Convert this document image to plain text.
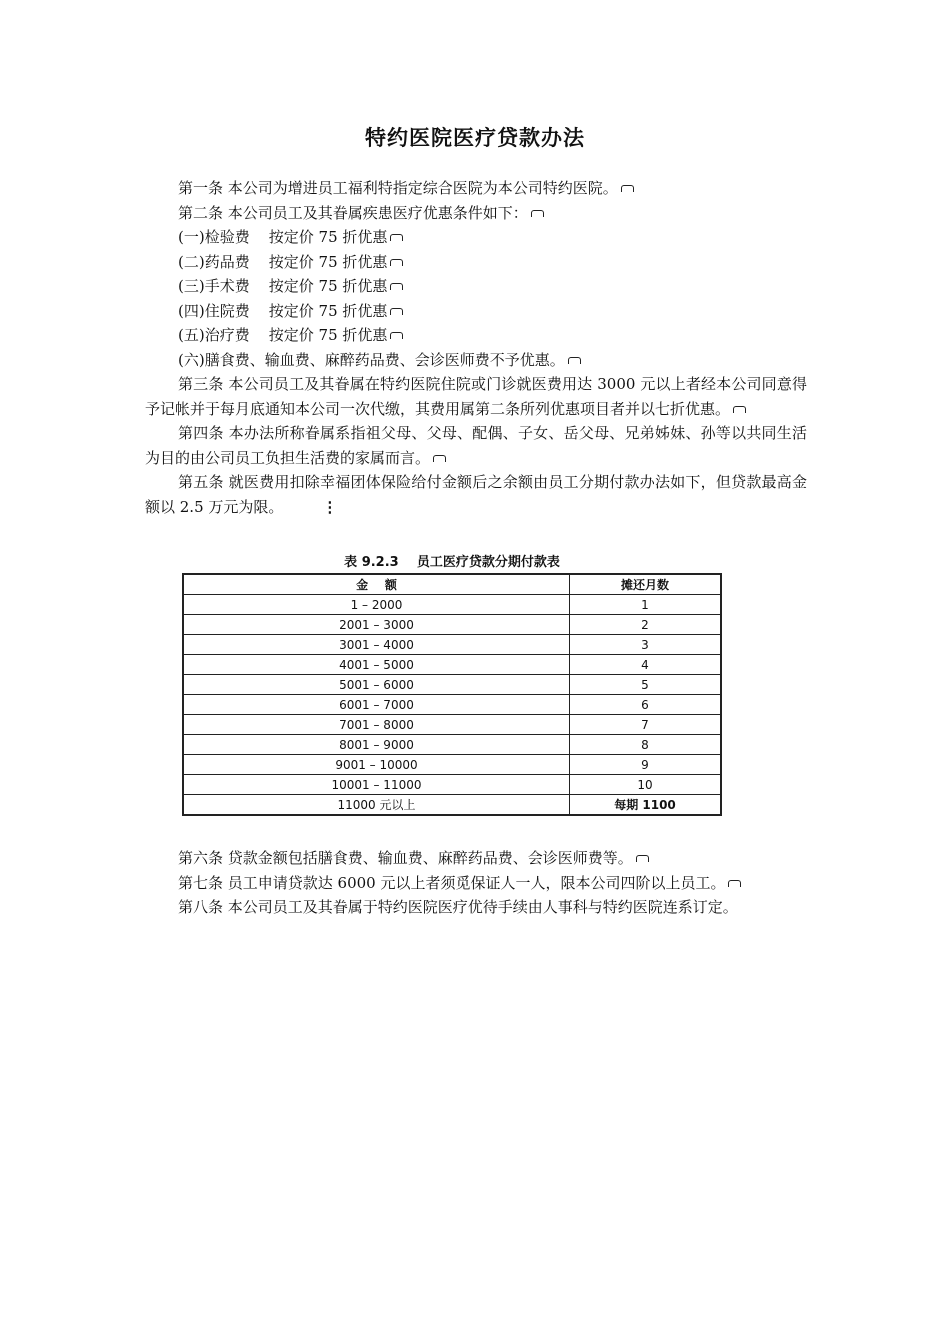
特约医院医疗贷款办法

第一条 本公司为增进员工福利特指定综合医院为本公司特约医院。

第二条 本公司员工及其眷属疾患医疗优惠条件如下：

(一)检验费    按定价 75 折优惠

(二)药品费    按定价 75 折优惠

(三)手术费    按定价 75 折优惠

(四)住院费    按定价 75 折优惠

(五)治疗费    按定价 75 折优惠

(六)膳食费、输血费、麻醉药品费、会诊医师费不予优惠。

第三条 本公司员工及其眷属在特约医院住院或门诊就医费用达 3000 元以上者经本公司同意得予记帐并于每月底通知本公司一次代缴，其费用属第二条所列优惠项目者并以七折优惠。

第四条 本办法所称眷属系指祖父母、父母、配偶、子女、岳父母、兄弟姊妹、孙等以共同生活为目的由公司员工负担生活费的家属而言。

第五条 就医费用扣除幸福团体保险给付金额后之余额由员工分期付款办法如下，但贷款最高金额以 2.5 万元为限。	⋮

表 9.2.3    员工医疗贷款分期付款表
金    额	摊还月数
1 – 2000	1
2001 – 3000	2
3001 – 4000	3
4001 – 5000	4
5001 – 6000	5
6001 – 7000	6
7001 – 8000	7
8001 – 9000	8
9001 – 10000	9
10001 – 11000	10
11000 元以上	每期 1100

第六条 贷款金额包括膳食费、输血费、麻醉药品费、会诊医师费等。

第七条 员工申请贷款达 6000 元以上者须觅保证人一人，限本公司四阶以上员工。

第八条 本公司员工及其眷属于特约医院医疗优待手续由人事科与特约医院连系订定。
